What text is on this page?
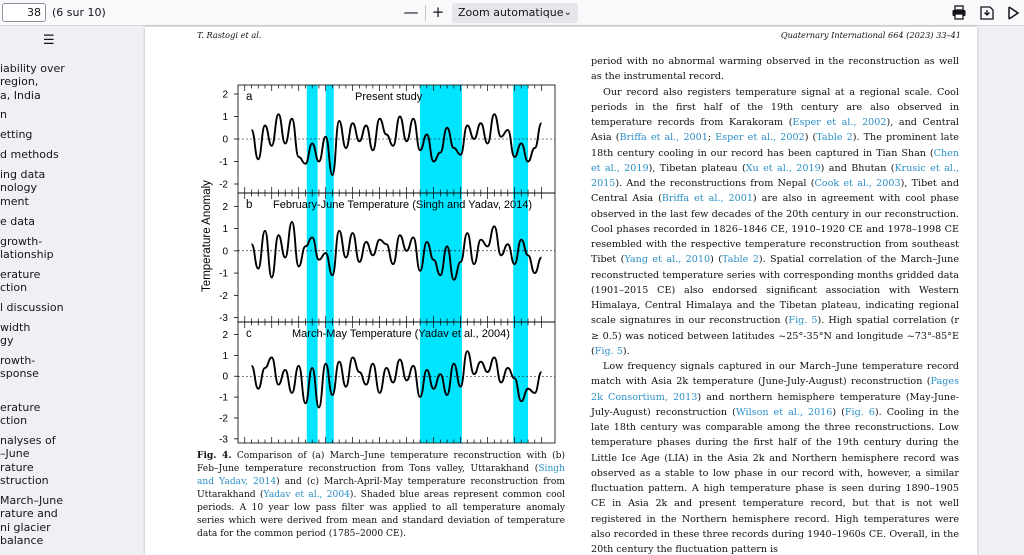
38	(6 sur 10)	— +	Zoom automatique ⌄
☰
iability over
region,
a, India
n
etting
d methods
ing data
nology
ment
e data
growth-
lationship
erature
ction
l discussion
width
gy
rowth-
sponse
erature
ction
nalyses of
–June
rature
struction
March–June
rature and
ni glacier
balance
T. Rastogi et al.	Quaternary International 664 (2023) 33–41
2
1
0
-1
-2
a	Present study
2
1
0
-1
-2
-3
b February-June Temperature (Singh and Yadav, 2014)
2
1
0
-1
-2
-3
c	March-May Temperature (Yadav et al., 2004)
Temperature Anomaly
Fig. 4. Comparison of (a) March–June temperature reconstruction with (b) Feb–June temperature reconstruction from Tons valley, Uttarakhand (Singh and Yadav, 2014) and (c) March-April-May temperature reconstruction from Uttarakhand (Yadav et al., 2004). Shaded blue areas represent common cool periods. A 10 year low pass filter was applied to all temperature anomaly series which were derived from mean and standard deviation of temperature data for the common period (1785–2000 CE).

period with no abnormal warming observed in the reconstruction as well as the instrumental record.

Our record also registers temperature signal at a regional scale. Cool periods in the first half of the 19th century are also observed in temperature records from Karakoram (Esper et al., 2002), and Central Asia (Briffa et al., 2001; Esper et al., 2002) (Table 2). The prominent late 18th century cooling in our record has been captured in Tian Shan (Chen et al., 2019), Tibetan plateau (Xu et al., 2019) and Bhutan (Krusic et al., 2015). And the reconstructions from Nepal (Cook et al., 2003), Tibet and Central Asia (Briffa et al., 2001) are also in agreement with cool phase observed in the last few decades of the 20th century in our reconstruction. Cool phases recorded in 1826–1846 CE, 1910–1920 CE and 1978–1998 CE resembled with the respective temperature reconstruction from southeast Tibet (Yang et al., 2010) (Table 2). Spatial correlation of the March–June reconstructed temperature series with corresponding months gridded data (1901–2015 CE) also endorsed significant association with Western Himalaya, Central Himalaya and the Tibetan plateau, indicating regional scale signatures in our reconstruction (Fig. 5). High spatial correlation (r ≥ 0.5) was noticed between latitudes ~25°-35°N and longitude ~73°-85°E (Fig. 5).

Low frequency signals captured in our March–June temperature record match with Asia 2k temperature (June-July-August) reconstruction (Pages 2k Consortium, 2013) and northern hemisphere temperature (May-June-July-August) reconstruction (Wilson et al., 2016) (Fig. 6). Cooling in the late 18th century was comparable among the three reconstructions. Low temperature phases during the first half of the 19th century during the Little Ice Age (LIA) in the Asia 2k and Northern hemisphere record was observed as a stable to low phase in our record with, however, a similar fluctuation pattern. A high temperature phase is seen during 1890–1905 CE in Asia 2k and present temperature record, but that is not well registered in the Northern hemisphere record. High temperatures were also recorded in these three records during 1940–1960s CE. Overall, in the 20th century the fluctuation pattern is
